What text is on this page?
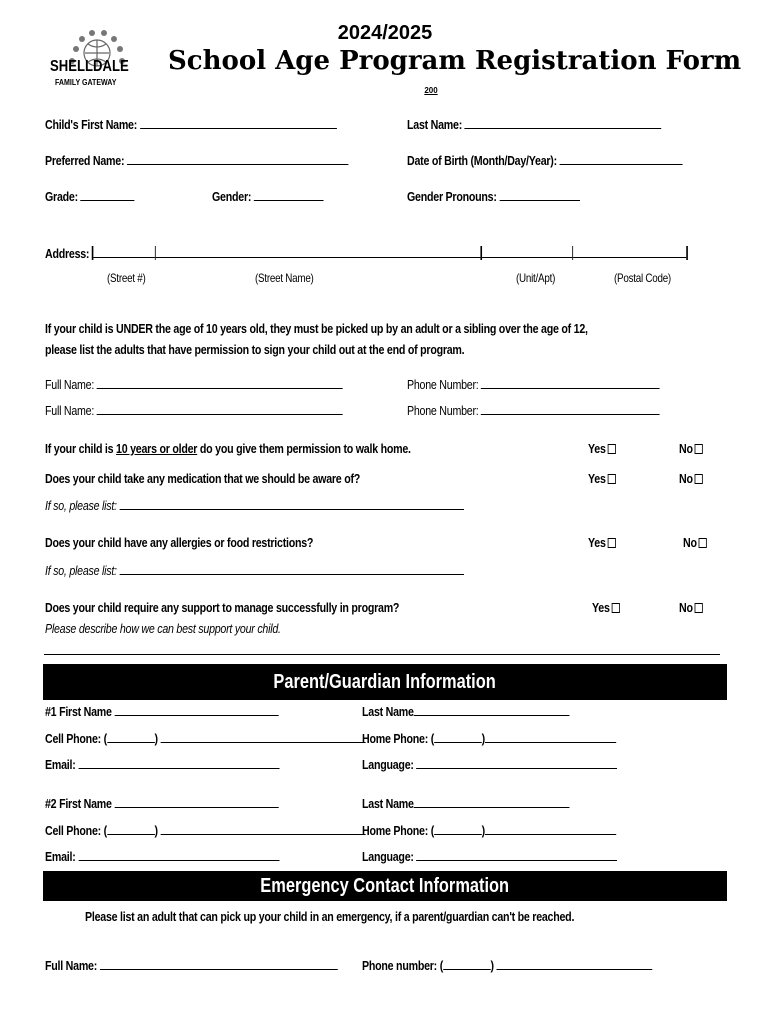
SHELLDALE
FAMILY GATEWAY
2024/2025
School Age Program Registration Form
200
Child's First Name:	Last Name:
Preferred Name:	Date of Birth (Month/Day/Year):
Grade:	Gender:	Gender Pronouns:
Address:
(Street #)	(Street Name)	(Unit/Apt)	(Postal Code)
If your child is UNDER the age of 10 years old, they must be picked up by an adult or a sibling over the age of 12,
please list the adults that have permission to sign your child out at the end of program.
Full Name:	Phone Number:
Full Name:	Phone Number:
If your child is 10 years or older do you give them permission to walk home.	Yes	No
Does your child take any medication that we should be aware of?	Yes	No
If so, please list:
Does your child have any allergies or food restrictions?	Yes	No
If so, please list:
Does your child require any support to manage successfully in program?	Yes	No
Please describe how we can best support your child.
Parent/Guardian Information
#1 First Name	Last Name
Cell Phone: (	)	Home Phone: (	)
Email:	Language:
#2 First Name	Last Name
Cell Phone: (	)	Home Phone: (	)
Email:	Language:
Emergency Contact Information
Please list an adult that can pick up your child in an emergency, if a parent/guardian can't be reached.
Full Name:	Phone number: (	)
